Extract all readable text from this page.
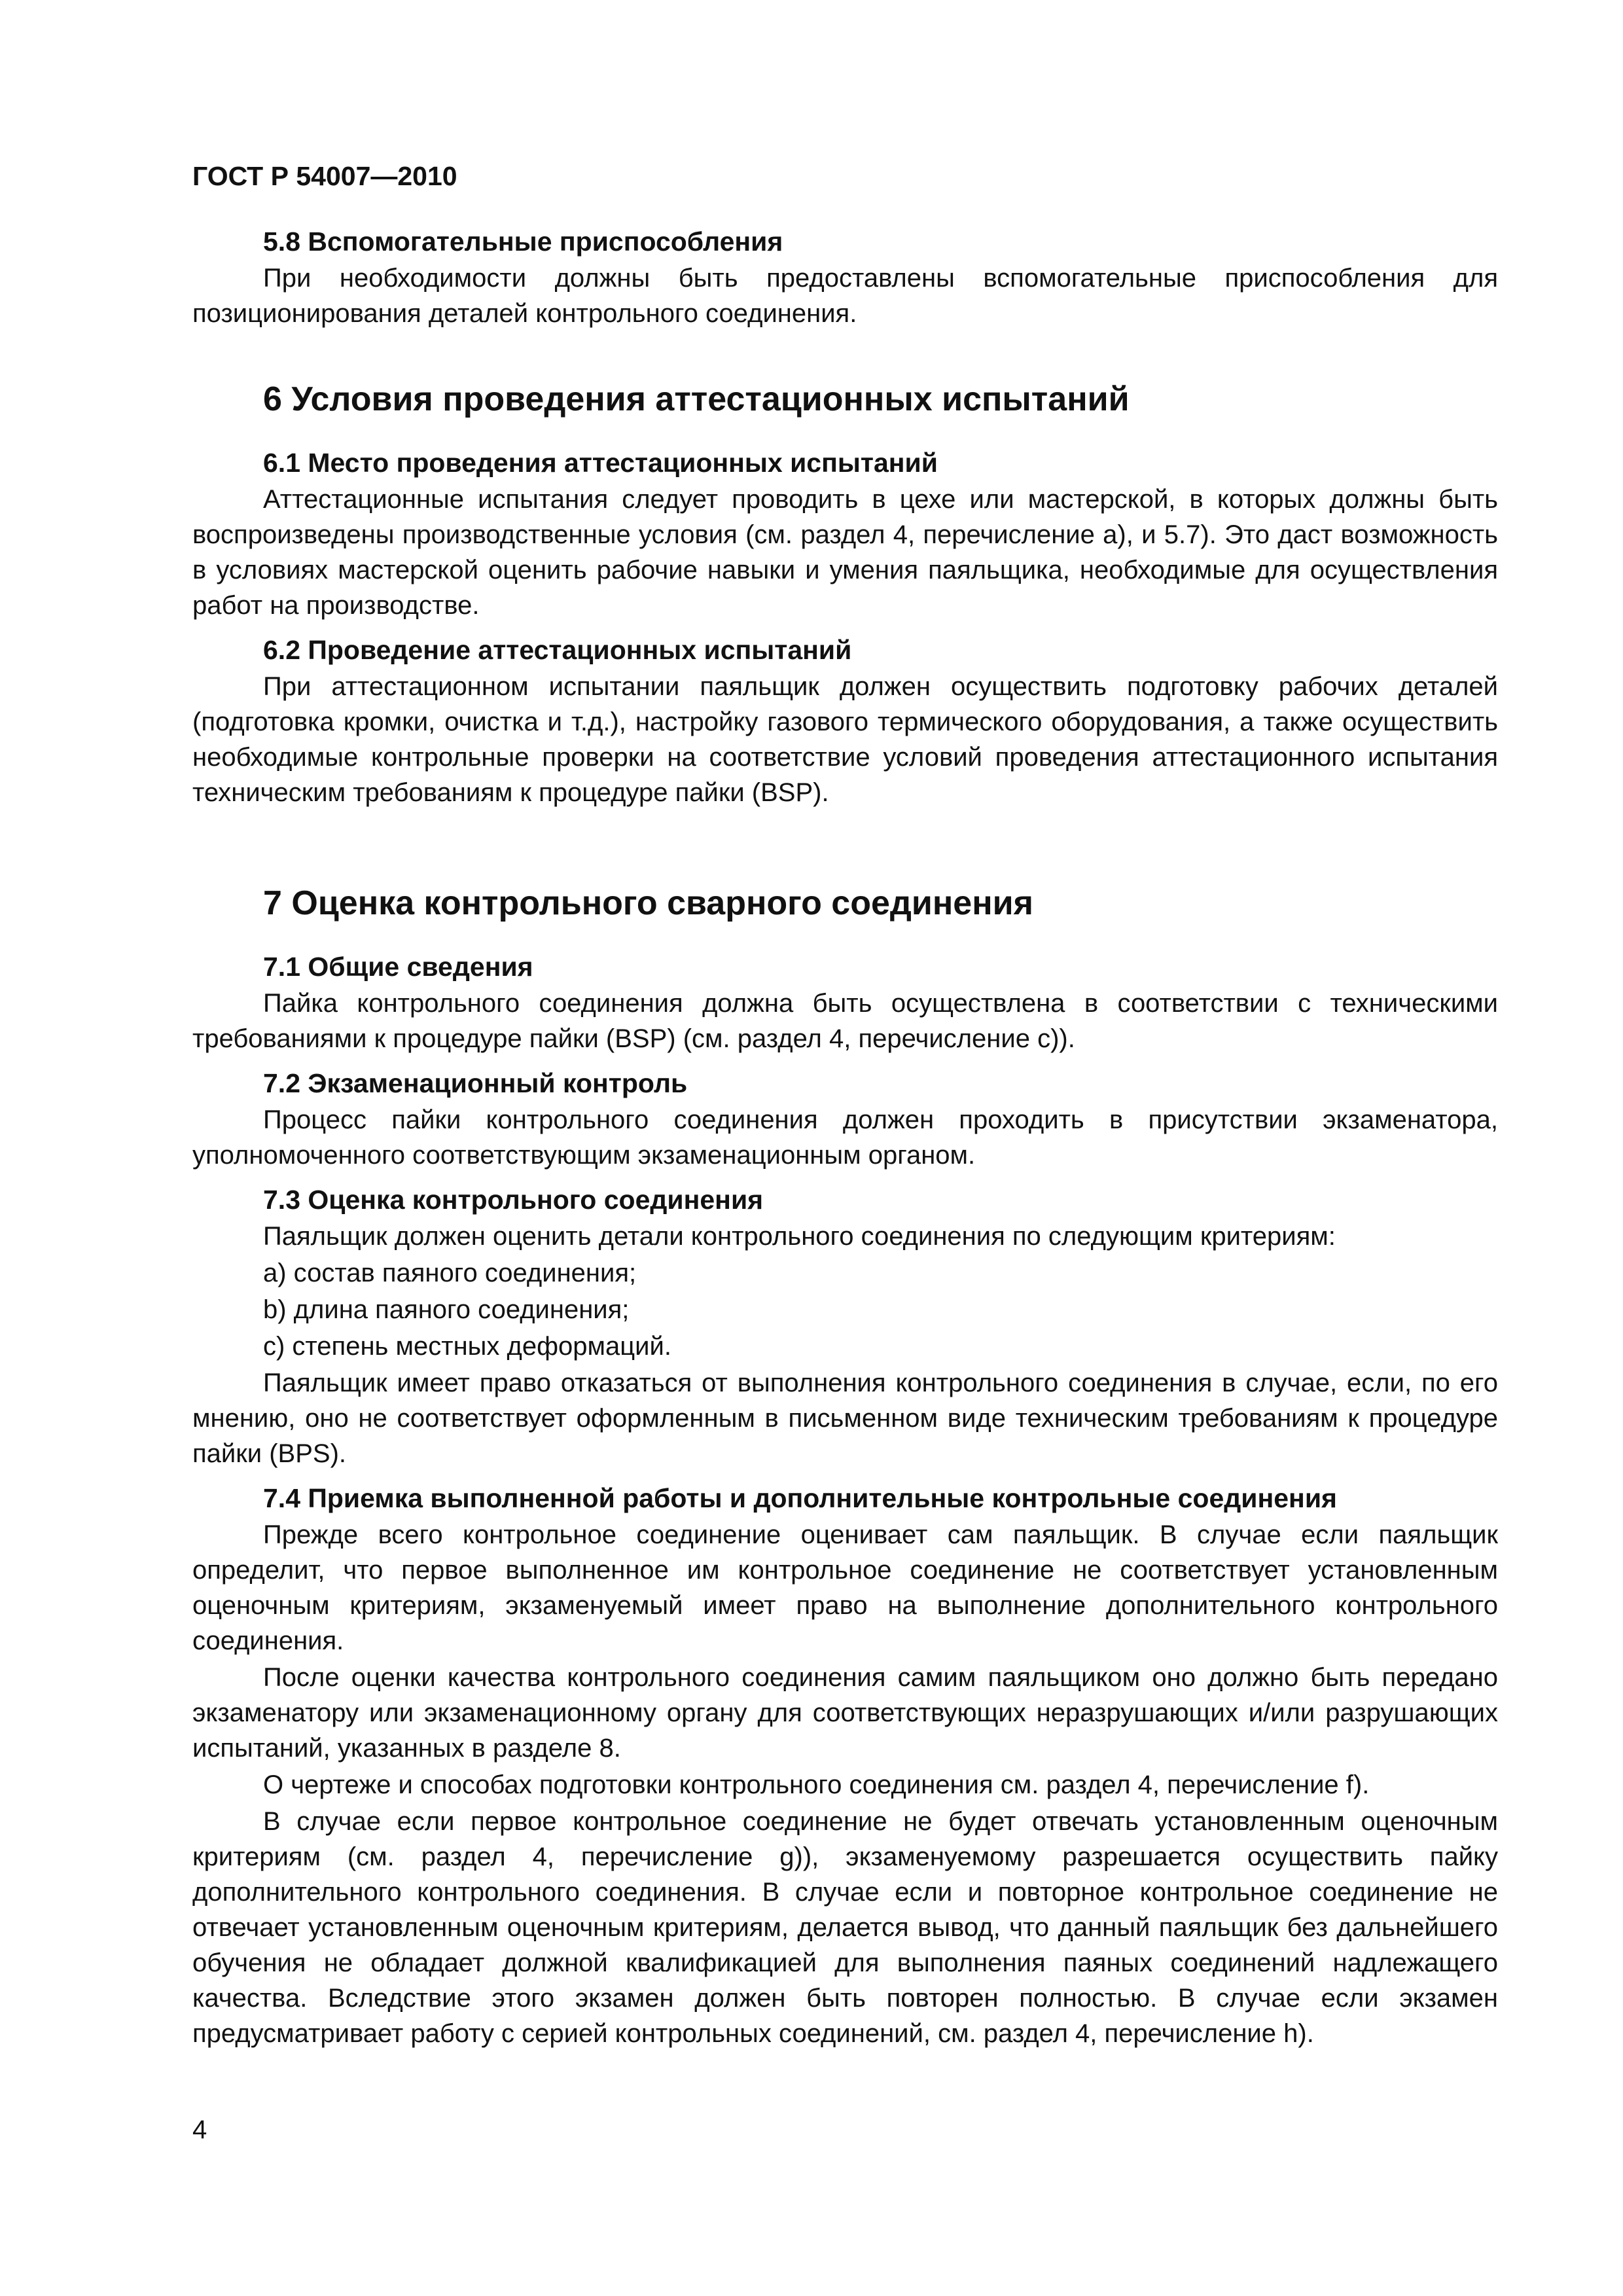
ГОСТ Р 54007—2010
5.8 Вспомогательные приспособления

При необходимости должны быть предоставлены вспомогательные приспособления для позиционирования деталей контрольного соединения.

6 Условия проведения аттестационных испытаний
6.1 Место проведения аттестационных испытаний

Аттестационные испытания следует проводить в цехе или мастерской, в которых должны быть воспроизведены производственные условия (см. раздел 4, перечисление а), и 5.7). Это даст возможность в условиях мастерской оценить рабочие навыки и умения паяльщика, необходимые для осуществления работ на производстве.

6.2 Проведение аттестационных испытаний

При аттестационном испытании паяльщик должен осуществить подготовку рабочих деталей (подготовка кромки, очистка и т.д.), настройку газового термического оборудования, а также осуществить необходимые контрольные проверки на соответствие условий проведения аттестационного испытания техническим требованиям к процедуре пайки (BSP).

7 Оценка контрольного сварного соединения
7.1 Общие сведения

Пайка контрольного соединения должна быть осуществлена в соответствии с техническими требованиями к процедуре пайки (BSP) (см. раздел 4, перечисление с)).

7.2 Экзаменационный контроль

Процесс пайки контрольного соединения должен проходить в присутствии экзаменатора, уполномоченного соответствующим экзаменационным органом.

7.3 Оценка контрольного соединения

Паяльщик должен оценить детали контрольного соединения по следующим критериям:

a) состав паяного соединения;
b) длина паяного соединения;
c) степень местных деформаций.

Паяльщик имеет право отказаться от выполнения контрольного соединения в случае, если, по его мнению, оно не соответствует оформленным в письменном виде техническим требованиям к процедуре пайки (BPS).

7.4 Приемка выполненной работы и дополнительные контрольные соединения

Прежде всего контрольное соединение оценивает сам паяльщик. В случае если паяльщик определит, что первое выполненное им контрольное соединение не соответствует установленным оценочным критериям, экзаменуемый имеет право на выполнение дополнительного контрольного соединения.

После оценки качества контрольного соединения самим паяльщиком оно должно быть передано экзаменатору или экзаменационному органу для соответствующих неразрушающих и/или разрушающих испытаний, указанных в разделе 8.

О чертеже и способах подготовки контрольного соединения см. раздел 4, перечисление f).

В случае если первое контрольное соединение не будет отвечать установленным оценочным критериям (см. раздел 4, перечисление g)), экзаменуемому разрешается осуществить пайку дополнительного контрольного соединения. В случае если и повторное контрольное соединение не отвечает установленным оценочным критериям, делается вывод, что данный паяльщик без дальнейшего обучения не обладает должной квалификацией для выполнения паяных соединений надлежащего качества. Вследствие этого экзамен должен быть повторен полностью. В случае если экзамен предусматривает работу с серией контрольных соединений, см. раздел 4, перечисление h).

4
